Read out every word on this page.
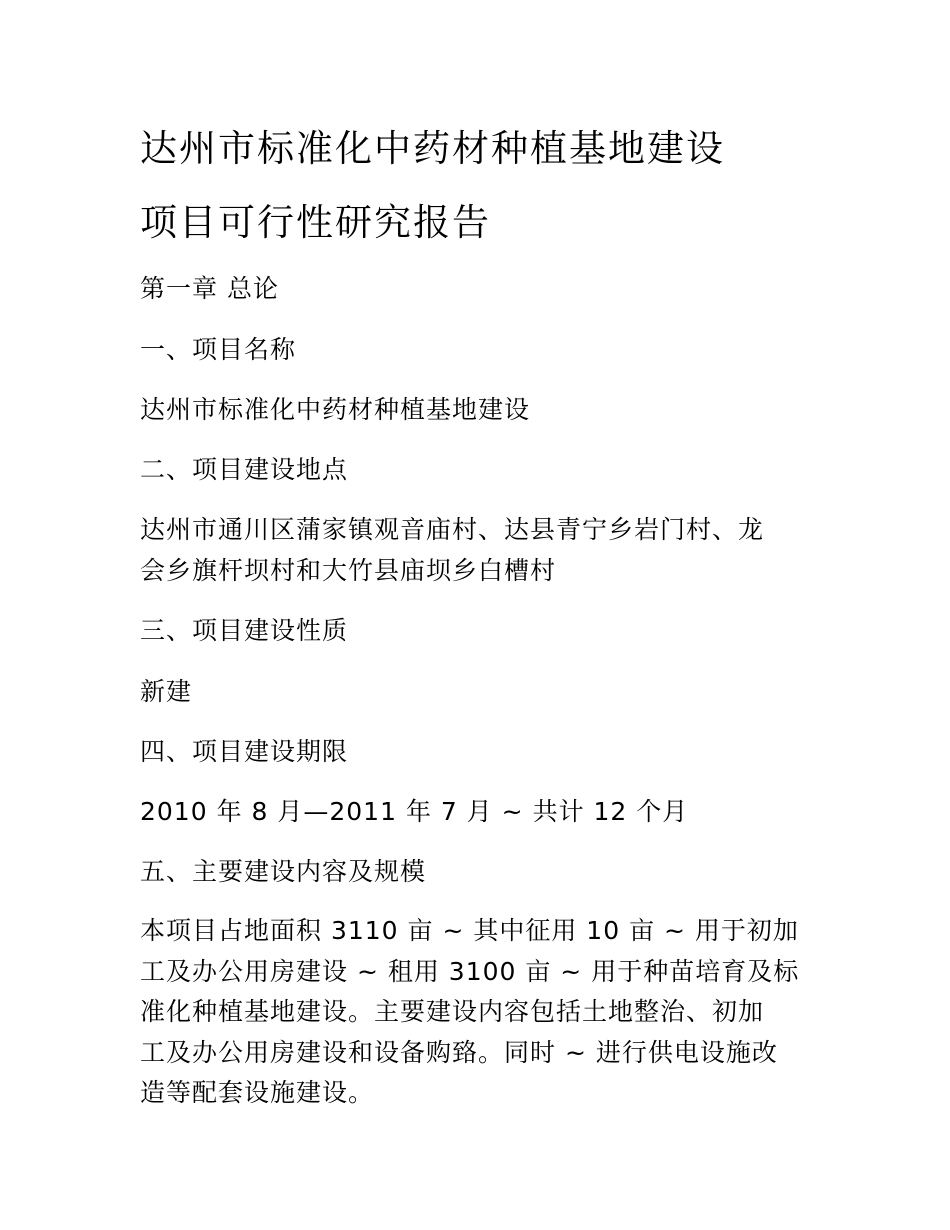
达州市标准化中药材种植基地建设
项目可行性研究报告

第一章 总论

一、项目名称

达州市标准化中药材种植基地建设

二、项目建设地点

达州市通川区蒲家镇观音庙村、达县青宁乡岩门村、龙
会乡旗杆坝村和大竹县庙坝乡白槽村

三、项目建设性质

新建

四、项目建设期限

2010 年 8 月—2011 年 7 月 ~ 共计 12 个月

五、主要建设内容及规模

本项目占地面积 3110 亩 ~ 其中征用 10 亩 ~ 用于初加
工及办公用房建设 ~ 租用 3100 亩 ~ 用于种苗培育及标
准化种植基地建设。主要建设内容包括土地整治、初加
工及办公用房建设和设备购臵。同时 ~ 进行供电设施改
造等配套设施建设。
